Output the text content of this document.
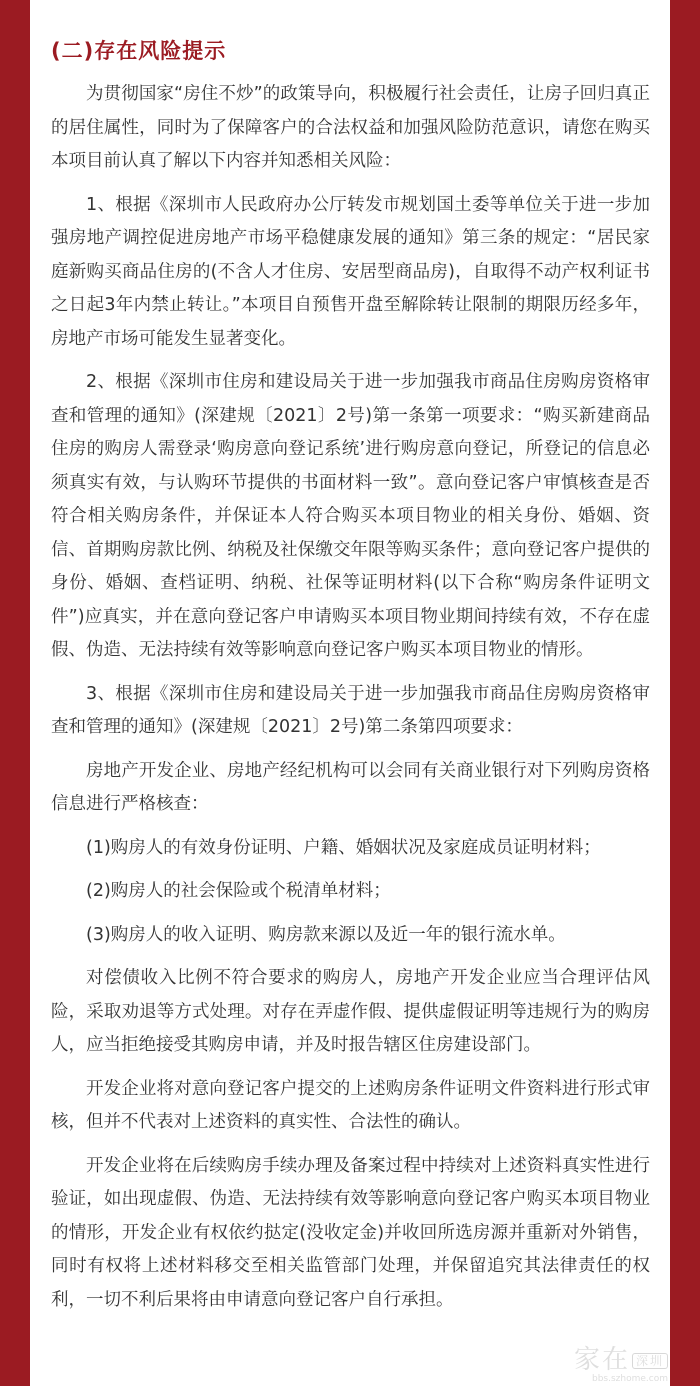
(二)存在风险提示

为贯彻国家“房住不炒”的政策导向，积极履行社会责任，让房子回归真正的居住属性，同时为了保障客户的合法权益和加强风险防范意识，请您在购买本项目前认真了解以下内容并知悉相关风险：

1、根据《深圳市人民政府办公厅转发市规划国土委等单位关于进一步加强房地产调控促进房地产市场平稳健康发展的通知》第三条的规定：“居民家庭新购买商品住房的(不含人才住房、安居型商品房)，自取得不动产权利证书之日起3年内禁止转让。”本项目自预售开盘至解除转让限制的期限历经多年，房地产市场可能发生显著变化。

2、根据《深圳市住房和建设局关于进一步加强我市商品住房购房资格审查和管理的通知》(深建规〔2021〕2号)第一条第一项要求：“购买新建商品住房的购房人需登录‘购房意向登记系统’进行购房意向登记，所登记的信息必须真实有效，与认购环节提供的书面材料一致”。意向登记客户审慎核查是否符合相关购房条件，并保证本人符合购买本项目物业的相关身份、婚姻、资信、首期购房款比例、纳税及社保缴交年限等购买条件；意向登记客户提供的身份、婚姻、查档证明、纳税、社保等证明材料(以下合称“购房条件证明文件”)应真实，并在意向登记客户申请购买本项目物业期间持续有效，不存在虚假、伪造、无法持续有效等影响意向登记客户购买本项目物业的情形。

3、根据《深圳市住房和建设局关于进一步加强我市商品住房购房资格审查和管理的通知》(深建规〔2021〕2号)第二条第四项要求：

房地产开发企业、房地产经纪机构可以会同有关商业银行对下列购房资格信息进行严格核查：

(1)购房人的有效身份证明、户籍、婚姻状况及家庭成员证明材料；

(2)购房人的社会保险或个税清单材料；

(3)购房人的收入证明、购房款来源以及近一年的银行流水单。

对偿债收入比例不符合要求的购房人，房地产开发企业应当合理评估风险，采取劝退等方式处理。对存在弄虚作假、提供虚假证明等违规行为的购房人，应当拒绝接受其购房申请，并及时报告辖区住房建设部门。

开发企业将对意向登记客户提交的上述购房条件证明文件资料进行形式审核，但并不代表对上述资料的真实性、合法性的确认。

开发企业将在后续购房手续办理及备案过程中持续对上述资料真实性进行验证，如出现虚假、伪造、无法持续有效等影响意向登记客户购买本项目物业的情形，开发企业有权依约挞定(没收定金)并收回所选房源并重新对外销售，同时有权将上述材料移交至相关监管部门处理，并保留追究其法律责任的权利，一切不利后果将由申请意向登记客户自行承担。

家在 深圳
bbs.szhome.com
